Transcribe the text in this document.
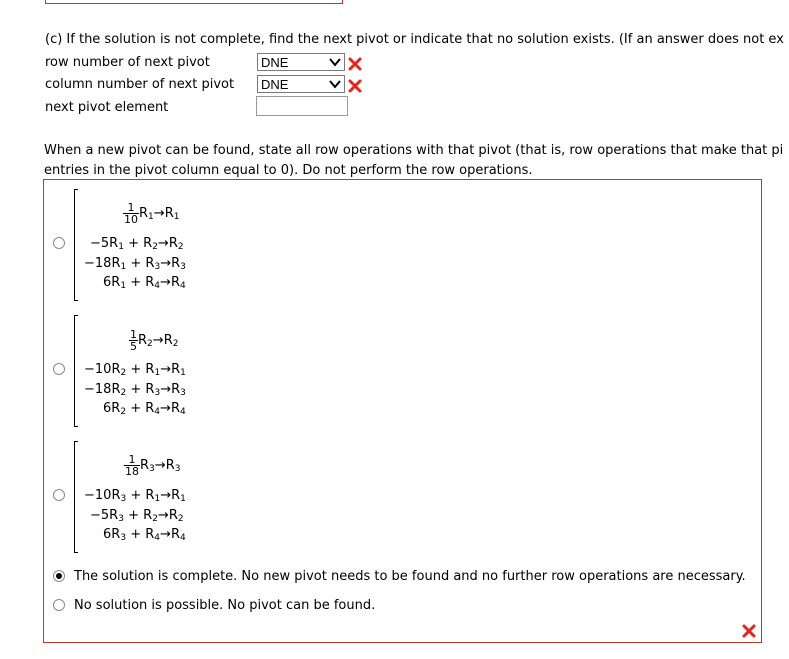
(c) If the solution is not complete, find the next pivot or indicate that no solution exists. (If an answer does not ex
row number of next pivot	DNE
column number of next pivot DNE
next pivot element
When a new pivot can be found, state all row operations with that pivot (that is, row operations that make that pi
entries in the pivot column equal to 0). Do not perform the row operations.
$\frac{1}{10} R_1\to R_1$
$-5R_1 + R_2\to R_2$
$-18R_1 + R_3\to R_3$
$6R_1 + R_4\to R_4$
$\frac{1}{5} R_2\to R_2$
$-10R_2 + R_1\to R_1$
$-18R_2 + R_3\to R_3$
$6R_2 + R_4\to R_4$
$\frac{1}{18} R_3\to R_3$
$-10R_3 + R_1\to R_1$
$-5R_3 + R_2\to R_2$
$6R_3 + R_4\to R_4$
The solution is complete. No new pivot needs to be found and no further row operations are necessary.
No solution is possible. No pivot can be found.
